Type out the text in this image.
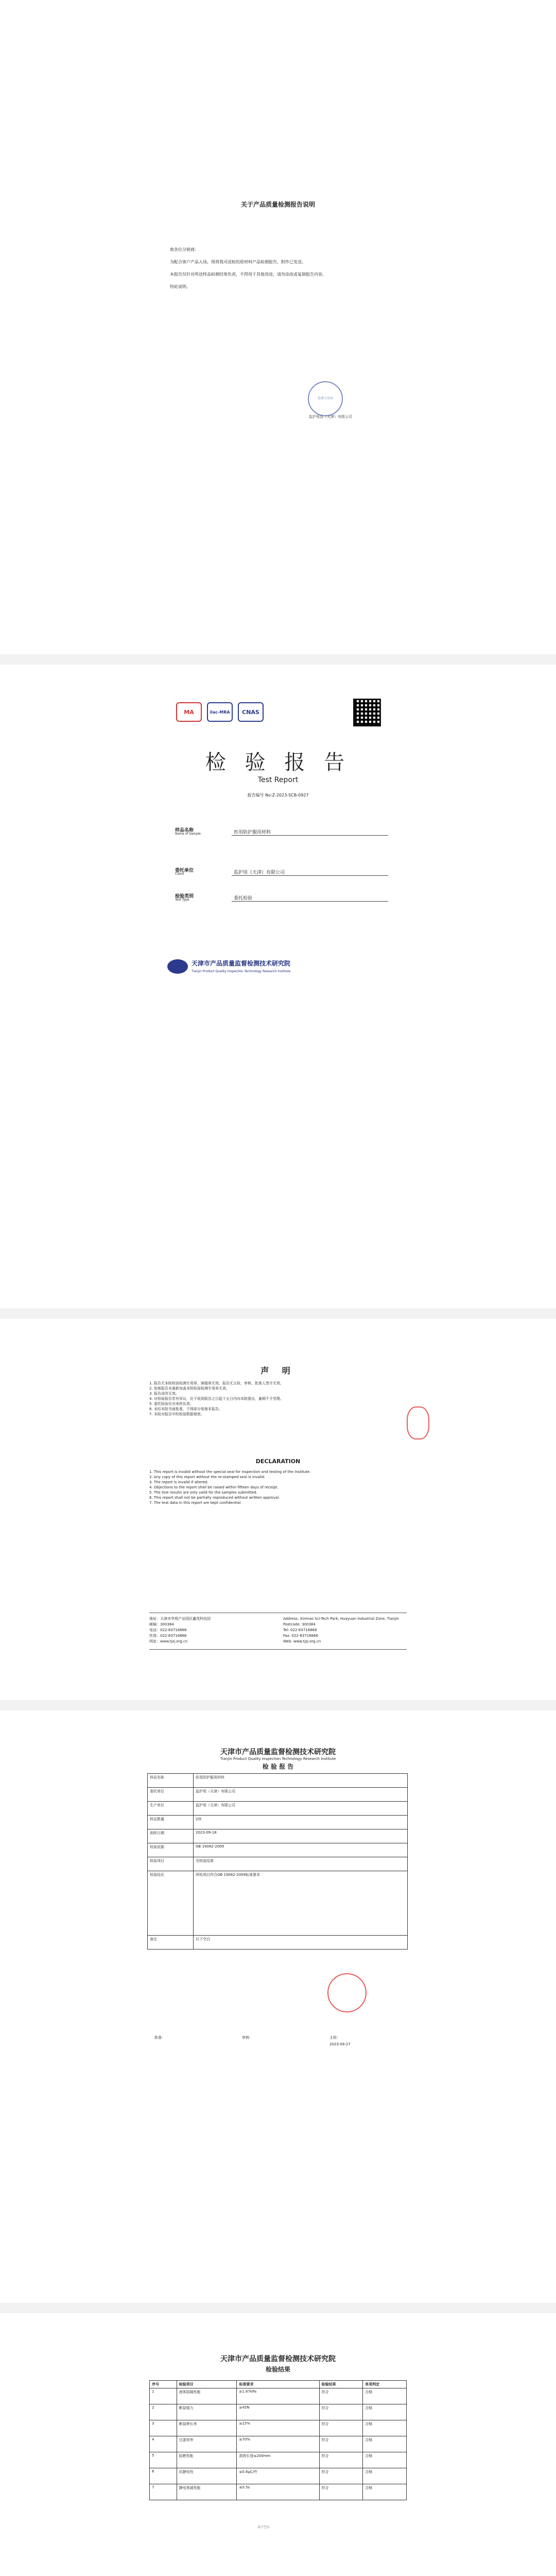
关于产品质量检测报告说明

致各位分销商：

为配合客户产品入场，现将我司送检的原材料产品检测报告，附件已发送。

本报告仅针对所送样品检测结果负责，不得用于其他用途，请勿涂改或复制报告内容。

特此说明。

检测专用章
监护用品（天津）有限公司
MA	ilac-MRA	CNAS
检 验 报 告
Test Report
报告编号 No:Z-2023-SCB-0927
样品名称
Name of Sample	医用防护服用材料
委托单位
Client	监护用（天津）有限公司
检验类别
Test Type	委托检验
天津市产品质量监督检测技术研究院
Tianjin Product Quality Inspection Technology Research Institute
声 明
1. 报告无本院检验检测专用章、骑缝章无效；报告无主检、审核、批准人签字无效。
2. 复制报告未重新加盖本院检验检测专用章无效。
3. 报告涂改无效。
4. 对检验报告若有异议，应于收到报告之日起十五日内向本院提出，逾期不予受理。
5. 委托检验仅对来样负责。
6. 未经本院书面批准，不得部分复制本报告。
7. 本院对报告中的检验数据保密。
DECLARATION
1. This report is invalid without the special seal for inspection and testing of the Institute.
2. Any copy of this report without the re-stamped seal is invalid.
3. The report is invalid if altered.
4. Objections to the report shall be raised within fifteen days of receipt.
5. The test results are only valid for the samples submitted.
6. This report shall not be partially reproduced without written approval.
7. The test data in this report are kept confidential.
地址：天津市华苑产业园区鑫茂科技园
邮编：300384
电话：022-83716868
传真：022-83716866
网址：www.tjzj.org.cn
Address: Xinmao Sci-Tech Park, Huayuan Industrial Zone, Tianjin
Postcode: 300384
Tel: 022-83716868
Fax: 022-83716866
Web: www.tjzj.org.cn
天津市产品质量监督检测技术研究院
Tianjin Product Quality Inspection Technology Research Institute
检 验 报 告
样品名称	医用防护服用材料
委托单位	监护用（天津）有限公司
生产单位	监护用（天津）有限公司
样品数量	2块
到样日期	2023-09-18
检验依据	GB 19082-2009
检验项目	见检验结果
检验结论	所检项目符合GB 19082-2009标准要求
备注	以下空白
批准：	审核：	主检：
2023-09-27
天津市产品质量监督检测技术研究院
检验结果
序号	检验项目	标准要求	检验结果	单项判定
1	液体阻隔性能	≥1.67kPa	符合	合格
2	断裂强力	≥45N	符合	合格
3	断裂伸长率	≥15%	符合	合格
4	过滤效率	≥70%	符合	合格
5	阻燃性能	损毁长度≤200mm	符合	合格
6	抗静电性	≤0.6μC/件	符合	合格
7	静电衰减性能	≤0.5s	符合	合格
以下空白
